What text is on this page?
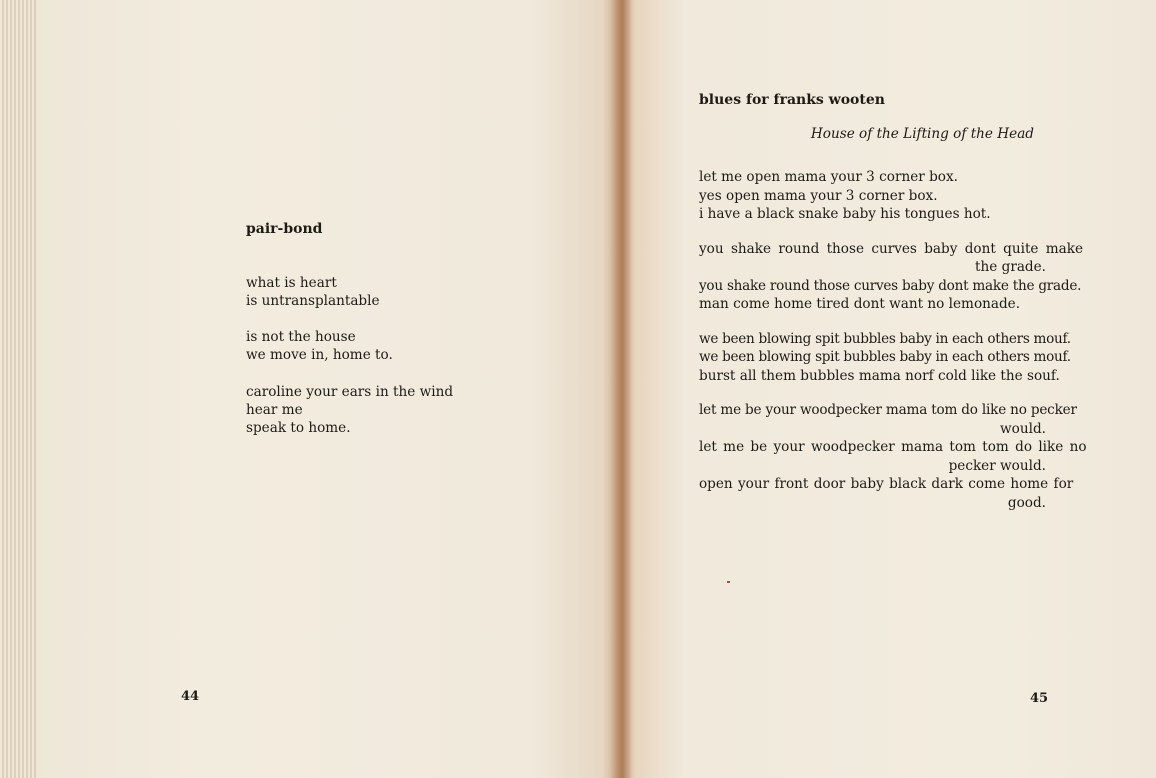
pair-bond
what is heart
is untransplantable
is not the house
we move in, home to.
caroline your ears in the wind
hear me
speak to home.
44
blues for franks wooten
House of the Lifting of the Head
let me open mama your 3 corner box.
yes open mama your 3 corner box.
i have a black snake baby his tongues hot.
you shake round those curves baby dont quite make
the grade.
you shake round those curves baby dont make the grade.
man come home tired dont want no lemonade.
we been blowing spit bubbles baby in each others mouf.
we been blowing spit bubbles baby in each others mouf.
burst all them bubbles mama norf cold like the souf.
let me be your woodpecker mama tom do like no pecker
would.
let me be your woodpecker mama tom tom do like no
pecker would.
open your front door baby black dark come home for
good.
45
